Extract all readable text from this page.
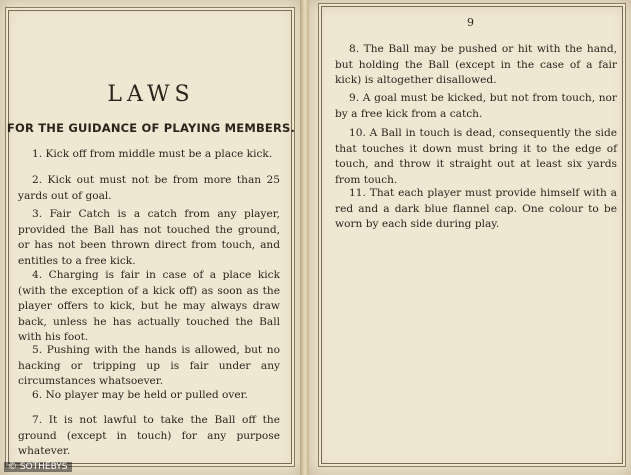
LAWS
FOR THE GUIDANCE OF PLAYING MEMBERS.

1. Kick off from middle must be a place kick.

2. Kick out must not be from more than 25 yards out of goal.

3. Fair Catch is a catch from any player, provided the Ball has not touched the ground, or has not been thrown direct from touch, and entitles to a free kick.

4. Charging is fair in case of a place kick (with the exception of a kick off) as soon as the player offers to kick, but he may always draw back, unless he has actually touched the Ball with his foot.

5. Pushing with the hands is allowed, but no hacking or tripping up is fair under any circumstances whatsoever.

6. No player may be held or pulled over.

7. It is not lawful to take the Ball off the ground (except in touch) for any purpose whatever.

9

8. The Ball may be pushed or hit with the hand, but holding the Ball (except in the case of a fair kick) is altogether disallowed.

9. A goal must be kicked, but not from touch, nor by a free kick from a catch.

10. A Ball in touch is dead, consequently the side that touches it down must bring it to the edge of touch, and throw it straight out at least six yards from touch.

11. That each player must provide himself with a red and a dark blue flannel cap. One colour to be worn by each side during play.

© SOTHEBYS
